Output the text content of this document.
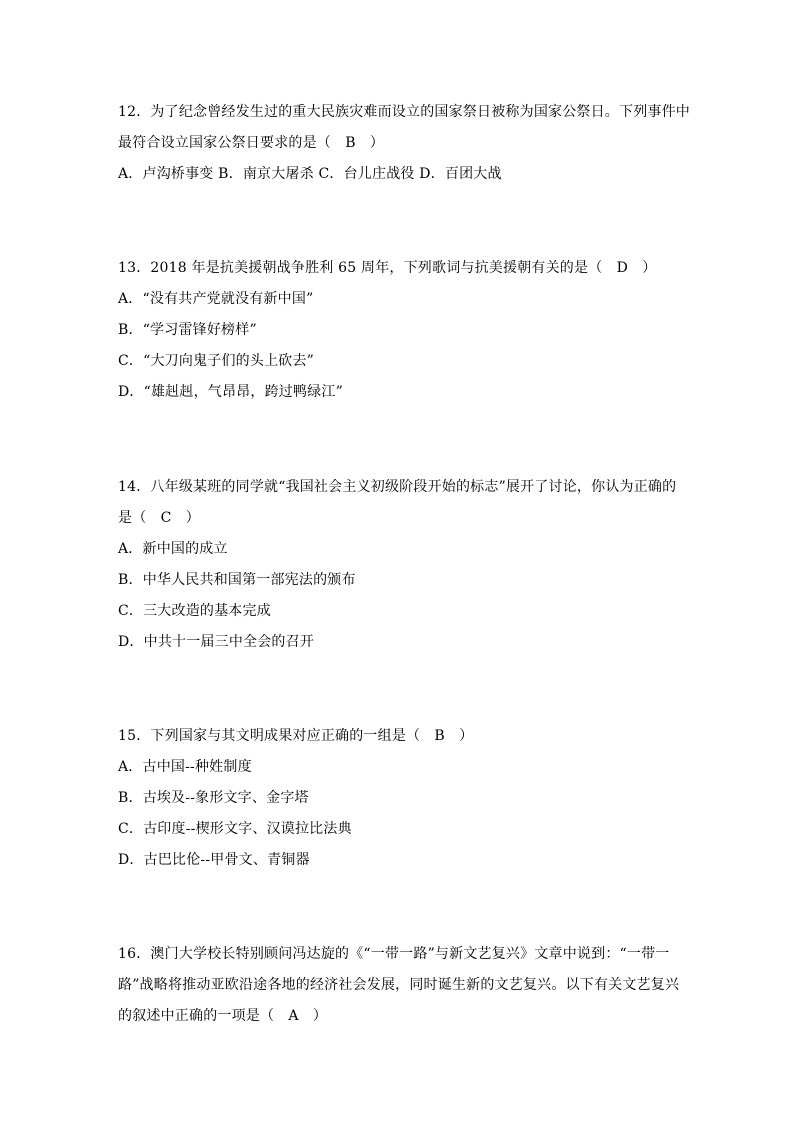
12．为了纪念曾经发生过的重大民族灾难而设立的国家祭日被称为国家公祭日。下列事件中
最符合设立国家公祭日要求的是（　B　）
A．卢沟桥事变 B．南京大屠杀 C．台儿庄战役 D．百团大战
13．2018 年是抗美援朝战争胜利 65 周年，下列歌词与抗美援朝有关的是（　D　）
A．“没有共产党就没有新中国”
B．“学习雷锋好榜样”
C．“大刀向鬼子们的头上砍去”
D．“雄赳赳，气昂昂，跨过鸭绿江”
14．八年级某班的同学就“我国社会主义初级阶段开始的标志”展开了讨论，你认为正确的
是（　C　）
A．新中国的成立
B．中华人民共和国第一部宪法的颁布
C．三大改造的基本完成
D．中共十一届三中全会的召开
15．下列国家与其文明成果对应正确的一组是（　B　）
A．古中国--种姓制度
B．古埃及--象形文字、金字塔
C．古印度--楔形文字、汉谟拉比法典
D．古巴比伦--甲骨文、青铜器
16．澳门大学校长特别顾问冯达旋的《“一带一路”与新文艺复兴》文章中说到：“一带一
路”战略将推动亚欧沿途各地的经济社会发展，同时诞生新的文艺复兴。以下有关文艺复兴
的叙述中正确的一项是（　A　）
